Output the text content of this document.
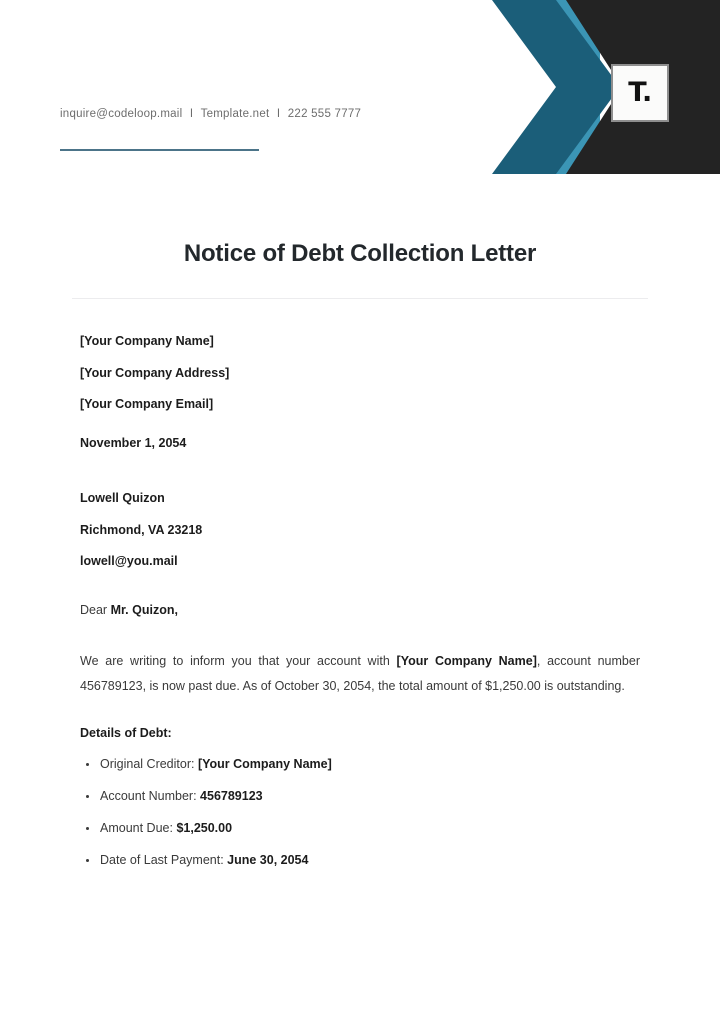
T.
inquire@codeloop.mail I Template.net I 222 555 7777
Notice of Debt Collection Letter
[Your Company Name]
[Your Company Address]
[Your Company Email]
November 1, 2054
Lowell Quizon
Richmond, VA 23218
lowell@you.mail
Dear Mr. Quizon,

We are writing to inform you that your account with [Your Company Name], account number 456789123, is now past due. As of October 30, 2054, the total amount of $1,250.00 is outstanding.

Details of Debt:
Original Creditor: [Your Company Name]
Account Number: 456789123
Amount Due: $1,250.00
Date of Last Payment: June 30, 2054
